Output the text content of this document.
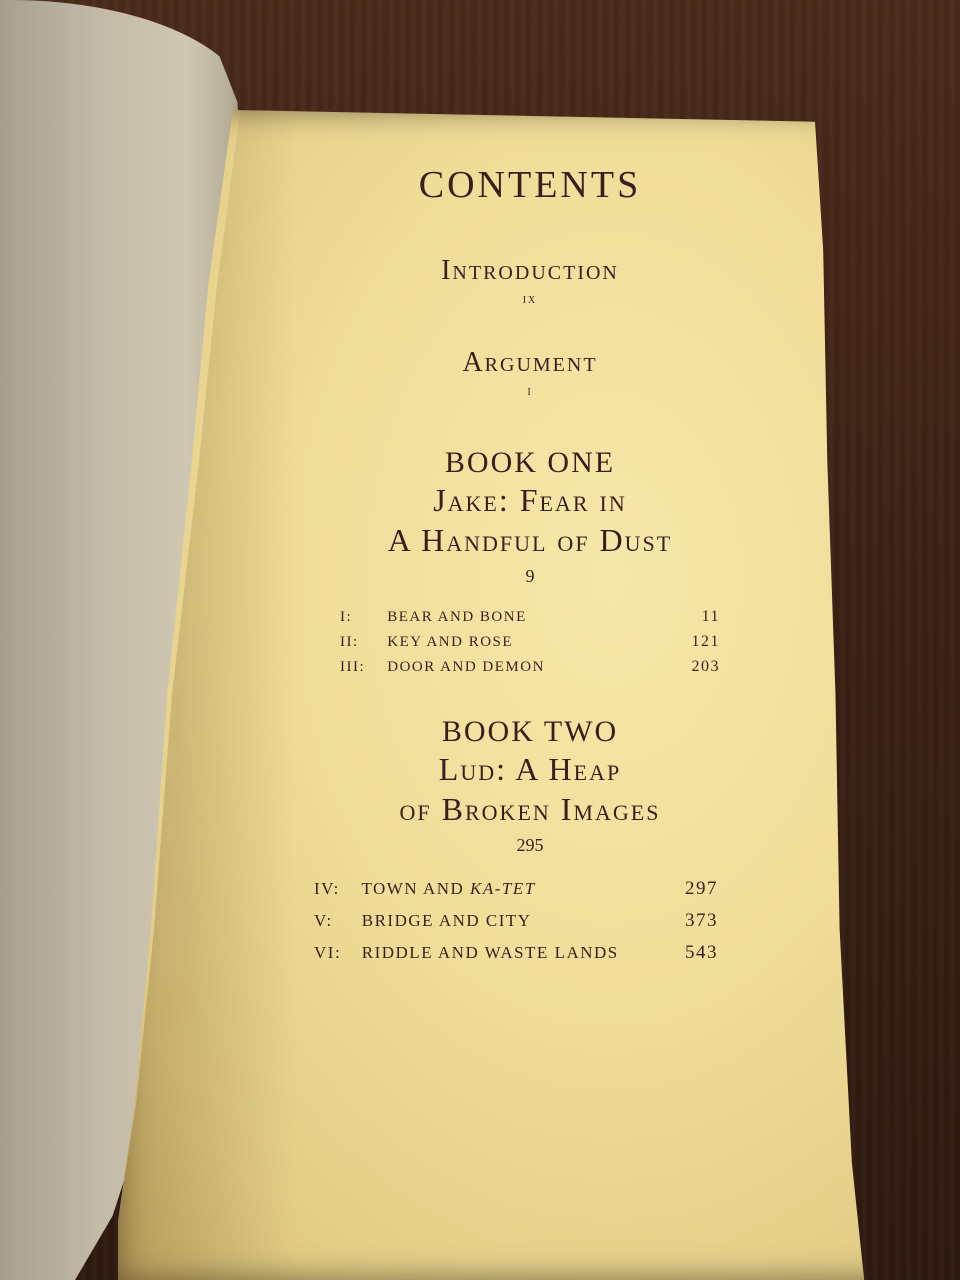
CONTENTS
Introduction
ix
Argument
i
BOOK ONE
Jake: Fear in
A Handful of Dust
9
I: BEAR AND BONE	11
II: KEY AND ROSE	121
III: DOOR AND DEMON	203
BOOK TWO
Lud: A Heap
of Broken Images
295
IV: TOWN AND KA-TET	297
V: BRIDGE AND CITY	373
VI: RIDDLE AND WASTE LANDS	543
